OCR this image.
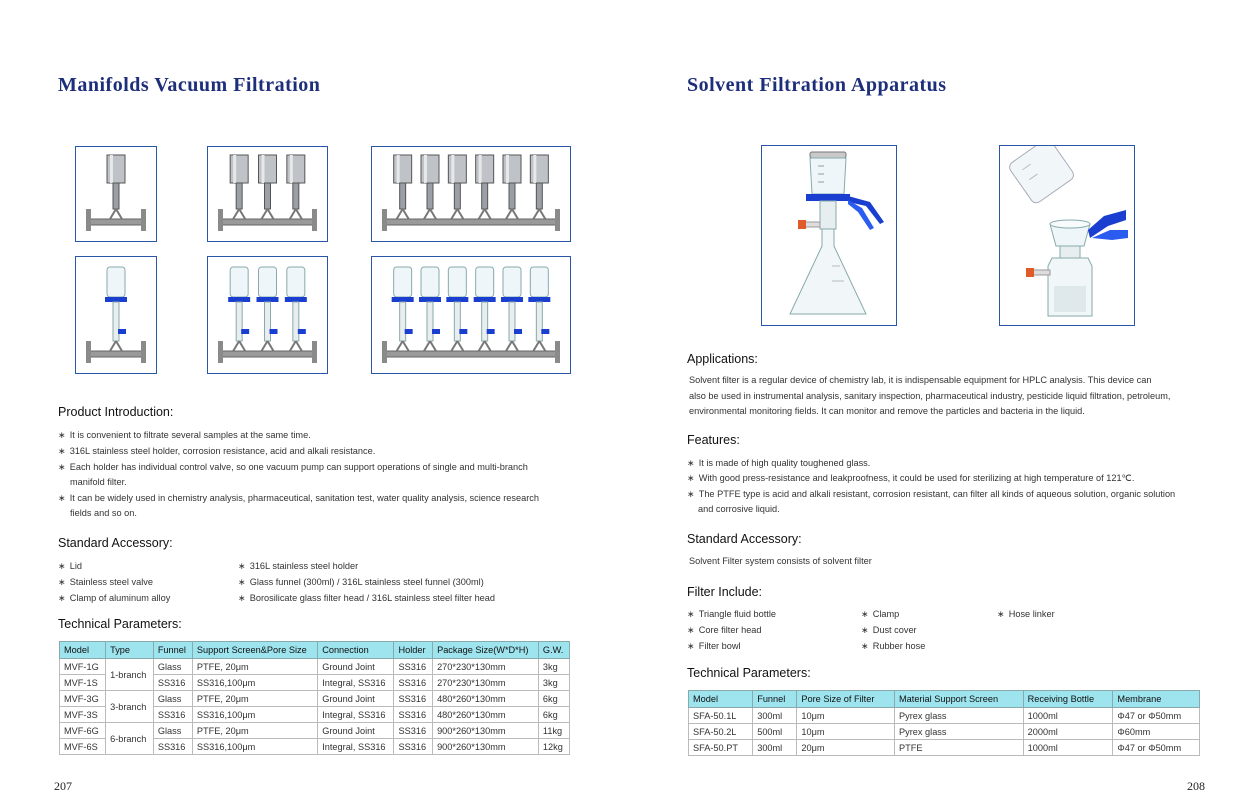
Manifolds Vacuum Filtration
Product Introduction:
∗ It is convenient to filtrate several samples at the same time.
∗ 316L stainless steel holder, corrosion resistance, acid and alkali resistance.
∗ Each holder has individual control valve, so one vacuum pump can support operations of single and multi-branch
manifold filter.
∗ It can be widely used in chemistry analysis, pharmaceutical, sanitation test, water quality analysis, science research
fields and so on.
Standard Accessory:
∗ Lid
∗ Stainless steel valve
∗ Clamp of aluminum alloy
∗ 316L stainless steel holder
∗ Glass funnel (300ml) / 316L stainless steel funnel (300ml)
∗ Borosilicate glass filter head / 316L stainless steel filter head
Technical Parameters:
Model	Type	Funnel	Support Screen&Pore Size	Connection	Holder	Package Size(W*D*H)	G.W.
MVF-1G	1-branch	Glass	PTFE, 20μm	Ground Joint	SS316	270*230*130mm	3kg
MVF-1S		SS316	SS316,100μm	Integral, SS316	SS316	270*230*130mm	3kg
MVF-3G	3-branch	Glass	PTFE, 20μm	Ground Joint	SS316	480*260*130mm	6kg
MVF-3S		SS316	SS316,100μm	Integral, SS316	SS316	480*260*130mm	6kg
MVF-6G	6-branch	Glass	PTFE, 20μm	Ground Joint	SS316	900*260*130mm	11kg
MVF-6S		SS316	SS316,100μm	Integral, SS316	SS316	900*260*130mm	12kg
207
Solvent Filtration Apparatus
Applications:
Solvent filter is a regular device of chemistry lab, it is indispensable equipment for HPLC analysis. This device can
also be used in instrumental analysis, sanitary inspection, pharmaceutical industry, pesticide liquid filtration, petroleum,
environmental monitoring fields. It can monitor and remove the particles and bacteria in the liquid.
Features:
∗ It is made of high quality toughened glass.
∗ With good press-resistance and leakproofness, it could be used for sterilizing at high temperature of 121℃.
∗ The PTFE type is acid and alkali resistant, corrosion resistant, can filter all kinds of aqueous solution, organic solution
and corrosive liquid.
Standard Accessory:
Solvent Filter system consists of solvent filter
Filter Include:
∗ Triangle fluid bottle
∗ Core filter head
∗ Filter bowl
∗ Clamp
∗ Dust cover
∗ Rubber hose
∗ Hose linker
Technical Parameters:
Model	Funnel	Pore Size of Filter	Material Support Screen	Receiving Bottle	Membrane
SFA-50.1L	300ml	10μm	Pyrex glass	1000ml	Φ47 or Φ50mm
SFA-50.2L	500ml	10μm	Pyrex glass	2000ml	Φ60mm
SFA-50.PT	300ml	20μm	PTFE	1000ml	Φ47 or Φ50mm
208
